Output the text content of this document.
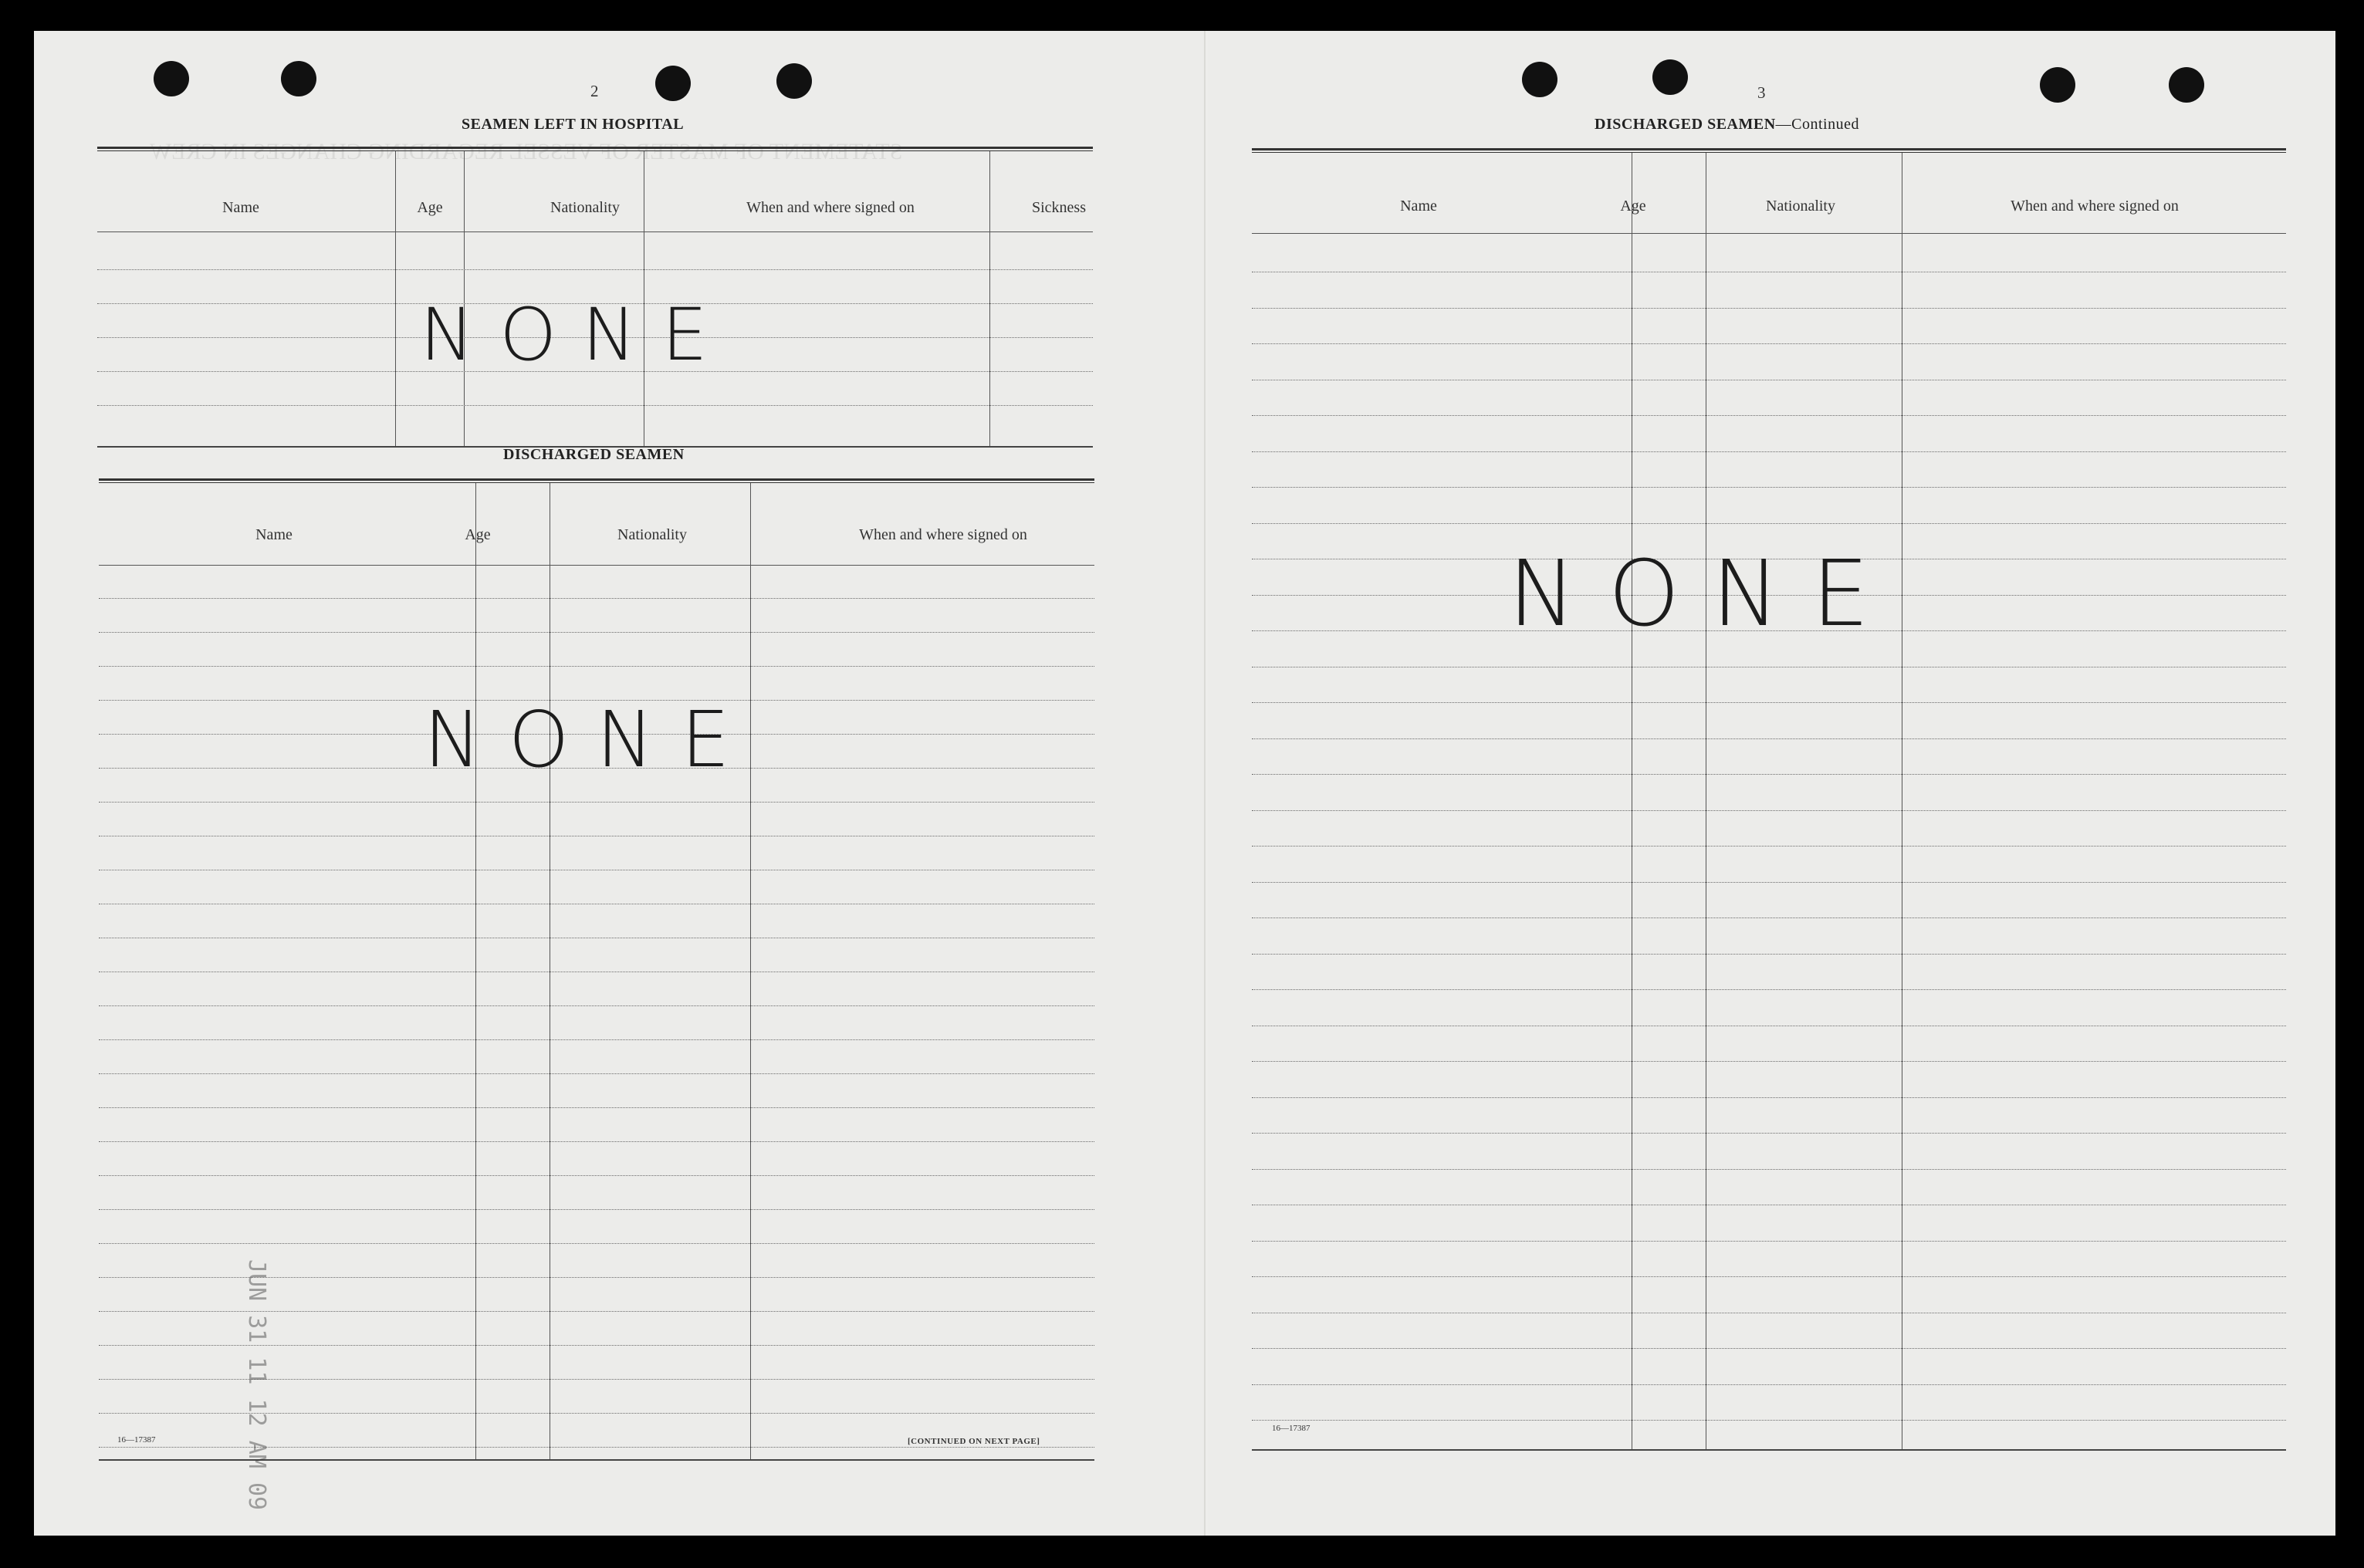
STATEMENT OF MASTER OF VESSEL REGARDING CHANGES IN CREW
2
SEAMEN LEFT IN HOSPITAL
Name	Age	Nationality	When and where signed on	Sickness
NONE
DISCHARGED SEAMEN
Name	Age	Nationality	When and where signed on
NONE
JUN 31 11 12 AM 09
16—17387	[CONTINUED ON NEXT PAGE]
3
DISCHARGED SEAMEN—Continued
Name	Age	Nationality	When and where signed on
NONE
16—17387
